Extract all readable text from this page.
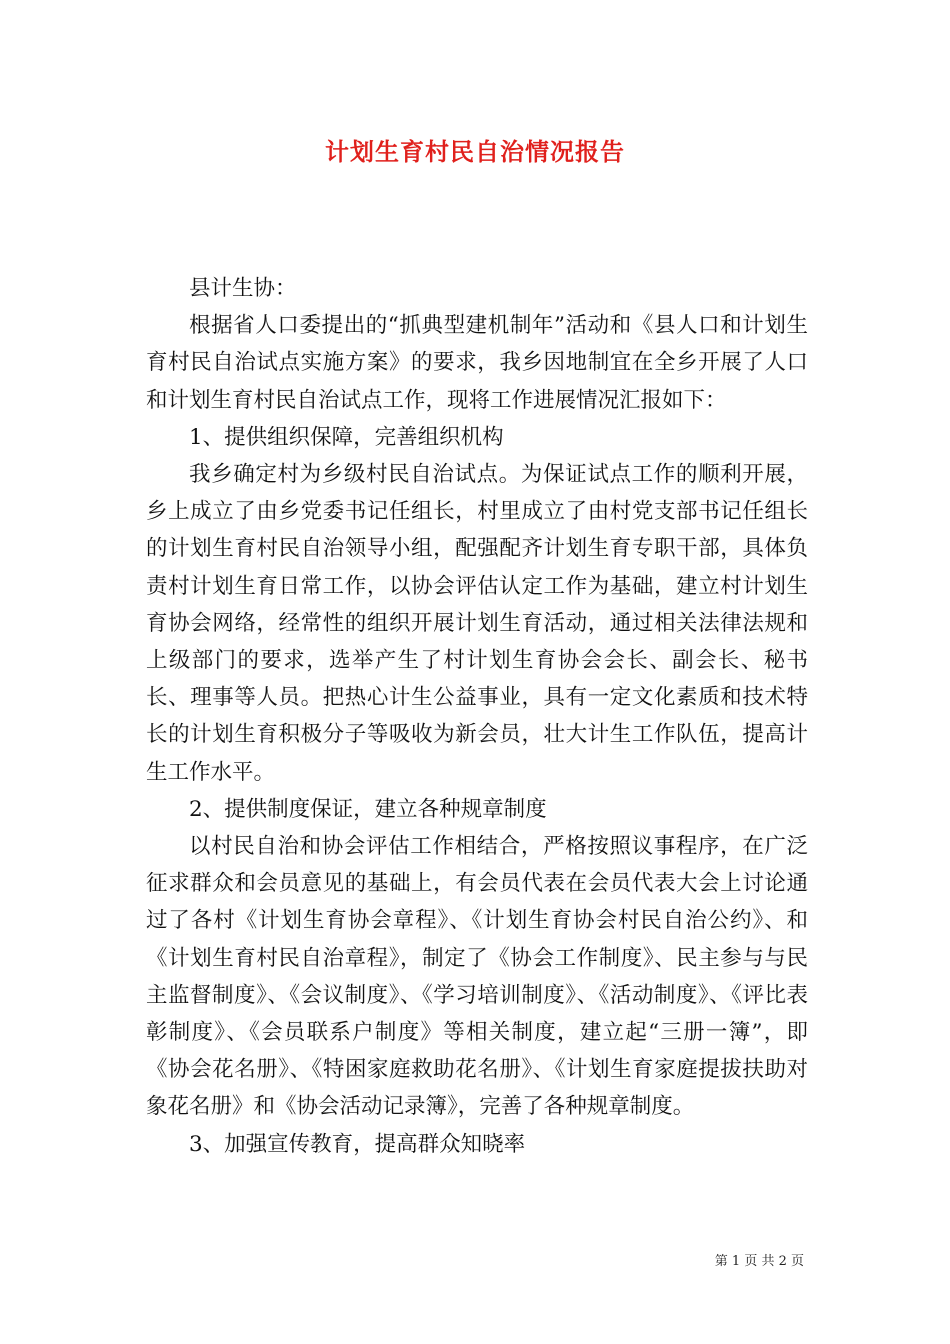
计划生育村民自治情况报告

县计生协：

根据省人口委提出的“抓典型建机制年”活动和《县人口和计划生育村民自治试点实施方案》的要求，我乡因地制宜在全乡开展了人口和计划生育村民自治试点工作，现将工作进展情况汇报如下：

1、提供组织保障，完善组织机构

我乡确定村为乡级村民自治试点。为保证试点工作的顺利开展，乡上成立了由乡党委书记任组长，村里成立了由村党支部书记任组长的计划生育村民自治领导小组，配强配齐计划生育专职干部，具体负责村计划生育日常工作，以协会评估认定工作为基础，建立村计划生育协会网络，经常性的组织开展计划生育活动，通过相关法律法规和上级部门的要求，选举产生了村计划生育协会会长、副会长、秘书长、理事等人员。把热心计生公益事业，具有一定文化素质和技术特长的计划生育积极分子等吸收为新会员，壮大计生工作队伍，提高计生工作水平。

2、提供制度保证，建立各种规章制度

以村民自治和协会评估工作相结合，严格按照议事程序，在广泛征求群众和会员意见的基础上，有会员代表在会员代表大会上讨论通过了各村《计划生育协会章程》、《计划生育协会村民自治公约》、和《计划生育村民自治章程》，制定了《协会工作制度》、民主参与与民主监督制度》、《会议制度》、《学习培训制度》、《活动制度》、《评比表彰制度》、《会员联系户制度》等相关制度，建立起“三册一簿”，即《协会花名册》、《特困家庭救助花名册》、《计划生育家庭提拔扶助对象花名册》和《协会活动记录簿》，完善了各种规章制度。

3、加强宣传教育，提高群众知晓率

第 1 页 共 2 页
